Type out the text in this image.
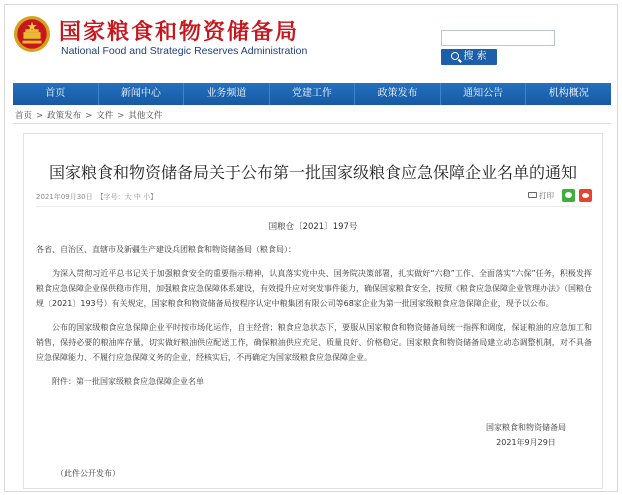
国家粮食和物资储备局
National Food and Strategic Reserves Administration	搜 索
首页	新闻中心	业务频道	党建工作	政策发布	通知公告	机构概况
首页 > 政策发布 > 文件 > 其他文件
国家粮食和物资储备局关于公布第一批国家级粮食应急保障企业名单的通知
2021年09月30日 【字号：大 中 小】	打印
国粮仓〔2021〕197号

各省、自治区、直辖市及新疆生产建设兵团粮食和物资储备局（粮食局）：

为深入贯彻习近平总书记关于加强粮食安全的重要指示精神，认真落实党中央、国务院决策部署，扎实做好“六稳”工作、全面落实“六保”任务，积极发挥粮食应急保障企业保供稳市作用，加强粮食应急保障体系建设，有效提升应对突发事件能力，确保国家粮食安全，按照《粮食应急保障企业管理办法》（国粮仓规〔2021〕193号）有关规定，国家粮食和物资储备局按程序认定中粮集团有限公司等68家企业为第一批国家级粮食应急保障企业，现予以公布。

公布的国家级粮食应急保障企业平时按市场化运作，自主经营；粮食应急状态下，要服从国家粮食和物资储备局统一指挥和调度，保证粮油的应急加工和销售，保持必要的粮油库存量，切实做好粮油供应配送工作，确保粮油供应充足、质量良好、价格稳定。国家粮食和物资储备局建立动态调整机制，对不具备应急保障能力、不履行应急保障义务的企业，经核实后，不再确定为国家级粮食应急保障企业。

附件：第一批国家级粮食应急保障企业名单

国家粮食和物资储备局
2021年9月29日
（此件公开发布）
